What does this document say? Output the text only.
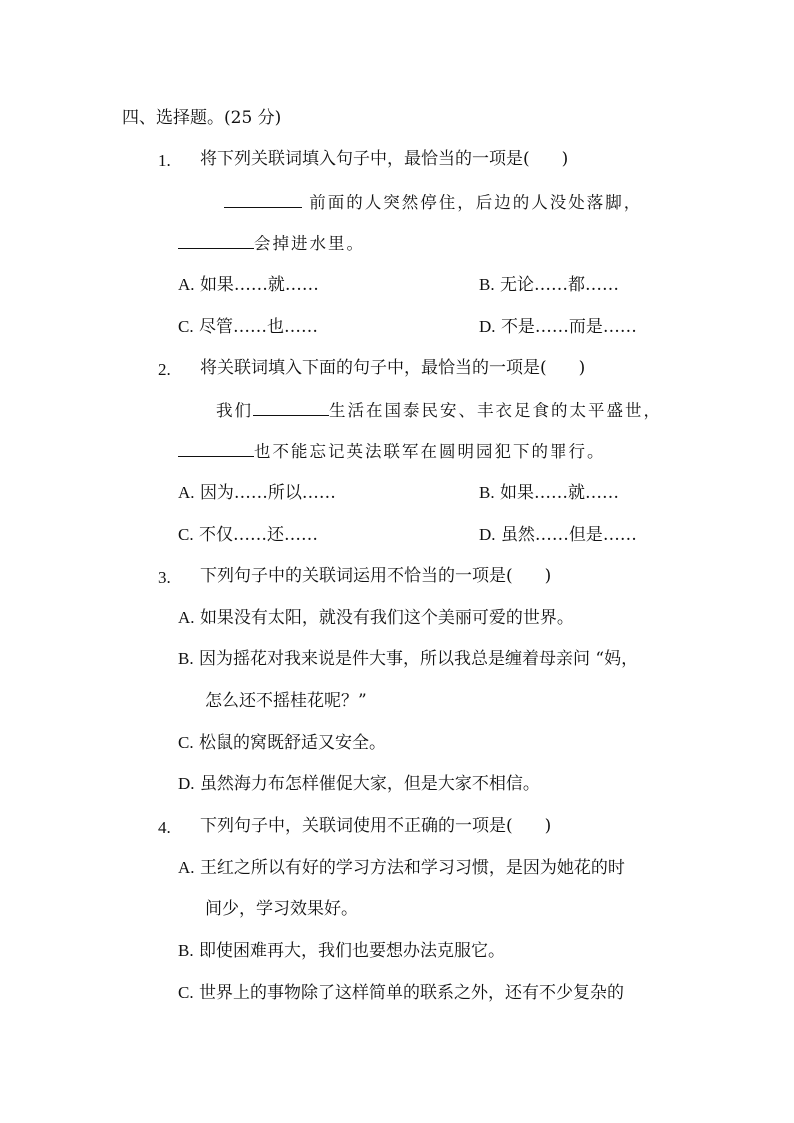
四、选择题。(25 分)
1. 将下列关联词填入句子中，最恰当的一项是( )
前面的人突然停住，后边的人没处落脚，
会掉进水里。
A. 如果……就……	B. 无论……都……
C. 尽管……也……	D. 不是……而是……
2. 将关联词填入下面的句子中，最恰当的一项是( )
我们	生活在国泰民安、丰衣足食的太平盛世，
也不能忘记英法联军在圆明园犯下的罪行。
A. 因为……所以……	B. 如果……就……
C. 不仅……还……	D. 虽然……但是……
3. 下列句子中的关联词运用不恰当的一项是( )
A. 如果没有太阳，就没有我们这个美丽可爱的世界。
B. 因为摇花对我来说是件大事，所以我总是缠着母亲问 “妈，
怎么还不摇桂花呢？”
C. 松鼠的窝既舒适又安全。
D. 虽然海力布怎样催促大家，但是大家不相信。
4. 下列句子中，关联词使用不正确的一项是( )
A. 王红之所以有好的学习方法和学习习惯，是因为她花的时
间少，学习效果好。
B. 即使困难再大，我们也要想办法克服它。
C. 世界上的事物除了这样简单的联系之外，还有不少复杂的
